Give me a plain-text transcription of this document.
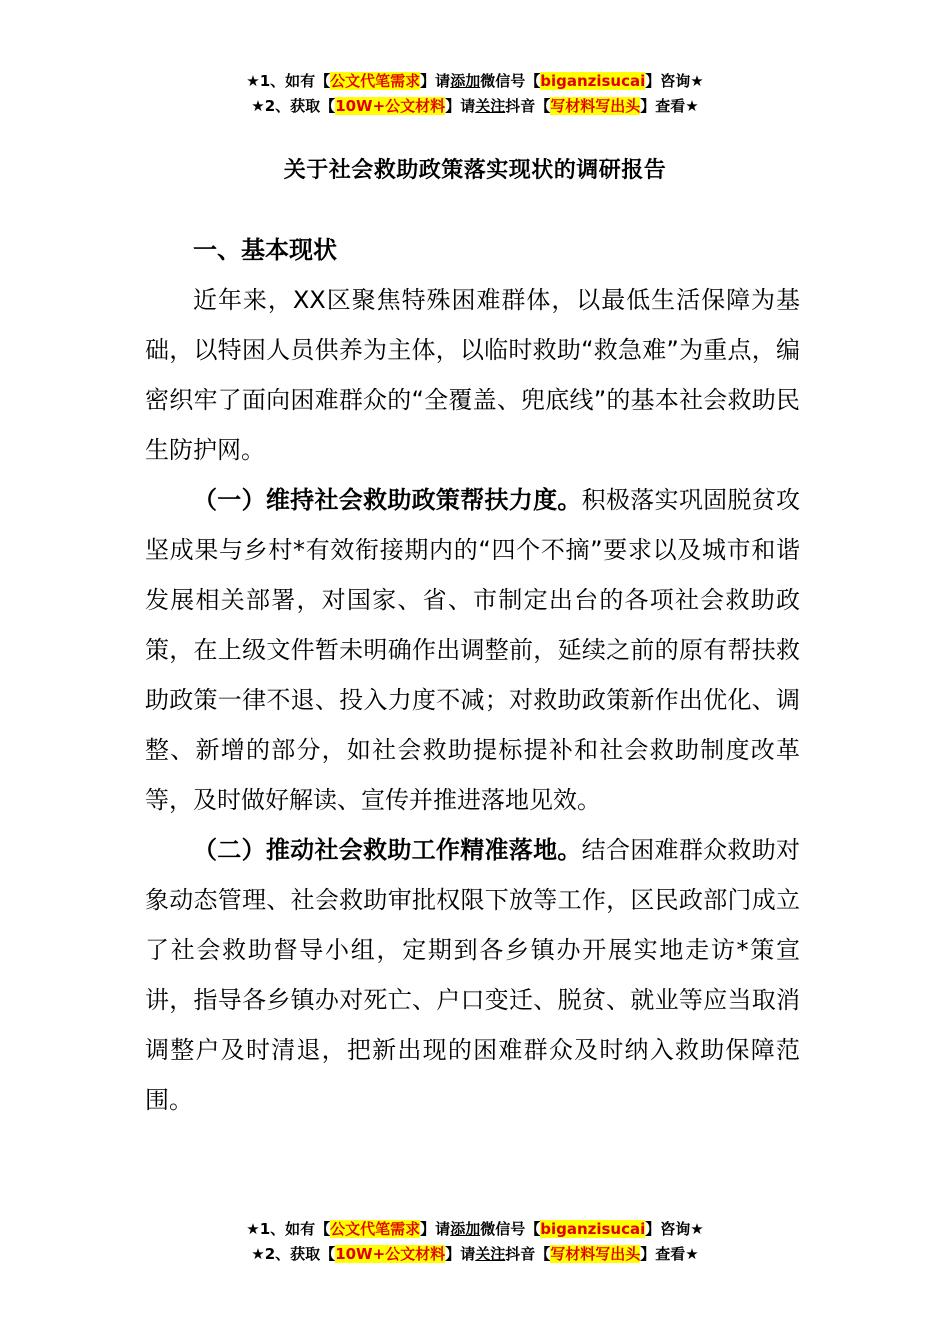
★1、如有【公文代笔需求】请添加微信号【biganzisucai】咨询★
★2、获取【10W+公文材料】请关注抖音【写材料写出头】查看★
关于社会救助政策落实现状的调研报告

一、基本现状

近年来，XX区聚焦特殊困难群体，以最低生活保障为基础，以特困人员供养为主体，以临时救助“救急难”为重点，编密织牢了面向困难群众的“全覆盖、兜底线”的基本社会救助民生防护网。

（一）维持社会救助政策帮扶力度。积极落实巩固脱贫攻坚成果与乡村*有效衔接期内的“四个不摘”要求以及城市和谐发展相关部署，对国家、省、市制定出台的各项社会救助政策，在上级文件暂未明确作出调整前，延续之前的原有帮扶救助政策一律不退、投入力度不减；对救助政策新作出优化、调整、新增的部分，如社会救助提标提补和社会救助制度改革等，及时做好解读、宣传并推进落地见效。

（二）推动社会救助工作精准落地。结合困难群众救助对象动态管理、社会救助审批权限下放等工作，区民政部门成立了社会救助督导小组，定期到各乡镇办开展实地走访*策宣讲，指导各乡镇办对死亡、户口变迁、脱贫、就业等应当取消调整户及时清退，把新出现的困难群众及时纳入救助保障范围。

★1、如有【公文代笔需求】请添加微信号【biganzisucai】咨询★
★2、获取【10W+公文材料】请关注抖音【写材料写出头】查看★
